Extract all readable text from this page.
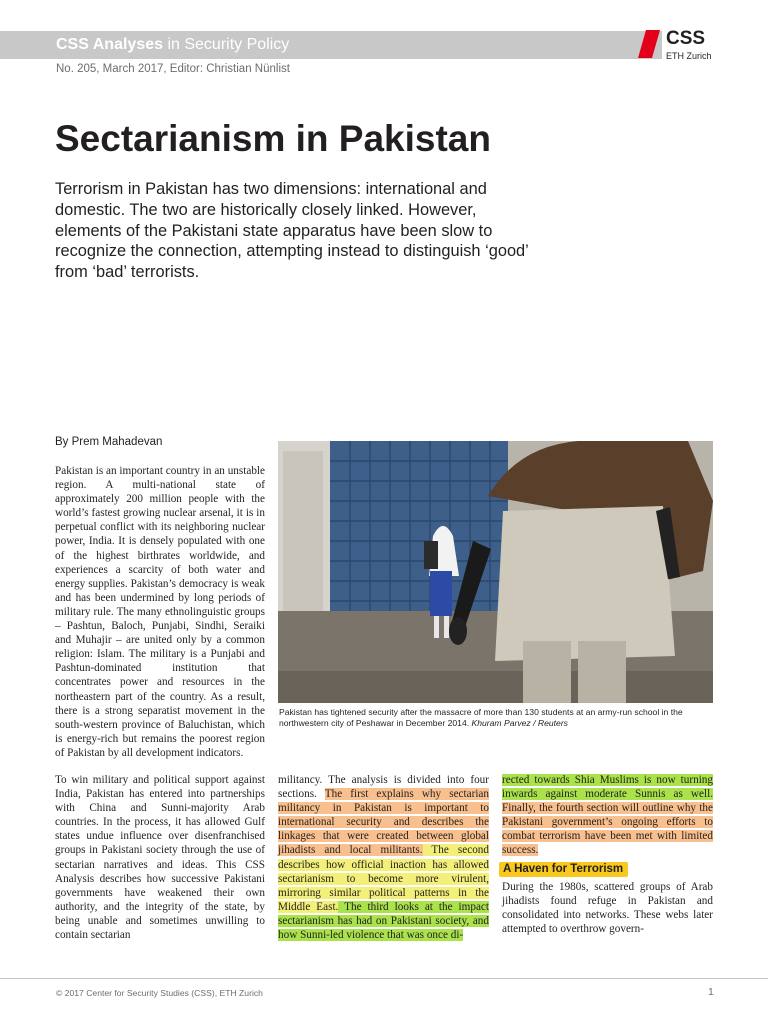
CSS Analyses in Security Policy
No. 205, March 2017, Editor: Christian Nünlist
CSS
ETH Zurich
Sectarianism in Pakistan

Terrorism in Pakistan has two dimensions: international and domestic. The two are historically closely linked. However, elements of the Pakistani state apparatus have been slow to recognize the connection, attempting instead to distinguish ‘good’ from ‘bad’ terrorists.

By Prem Mahadevan

Pakistan is an important country in an unstable region. A multi-national state of approximately 200 million people with the world’s fastest growing nuclear arsenal, it is in perpetual conflict with its neighboring nuclear power, India. It is densely populated with one of the highest birthrates worldwide, and experiences a scarcity of both water and energy supplies. Pakistan’s democracy is weak and has been undermined by long periods of military rule. The many ethnolinguistic groups – Pashtun, Baloch, Punjabi, Sindhi, Seraiki and Muhajir – are united only by a common religion: Islam. The military is a Punjabi and Pashtun-dominated institution that concentrates power and resources in the northeastern part of the country. As a result, there is a strong separatist movement in the south-western province of Baluchistan, which is energy-rich but remains the poorest region of Pakistan by all development indicators.

To win military and political support against India, Pakistan has entered into partnerships with China and Sunni-majority Arab countries. In the process, it has allowed Gulf states undue influence over disenfranchised groups in Pakistani society through the use of sectarian narratives and ideas. This CSS Analysis describes how successive Pakistani governments have weakened their own authority, and the integrity of the state, by being unable and sometimes unwilling to contain sectarian

Pakistan has tightened security after the massacre of more than 130 students at an army-run school in the northwestern city of Peshawar in December 2014. Khuram Parvez / Reuters

militancy. The analysis is divided into four sections. The first explains why sectarian militancy in Pakistan is important to international security and describes the linkages that were created between global jihadists and local militants. The second describes how official inaction has allowed sectarianism to become more virulent, mirroring similar political patterns in the Middle East. The third looks at the impact sectarianism has had on Pakistani society, and how Sunni-led violence that was once di-

rected towards Shia Muslims is now turning inwards against moderate Sunnis as well. Finally, the fourth section will outline why the Pakistani government’s ongoing efforts to combat terrorism have been met with limited success.

A Haven for Terrorism

During the 1980s, scattered groups of Arab jihadists found refuge in Pakistan and consolidated into networks. These webs later attempted to overthrow govern-

© 2017 Center for Security Studies (CSS), ETH Zurich	1
